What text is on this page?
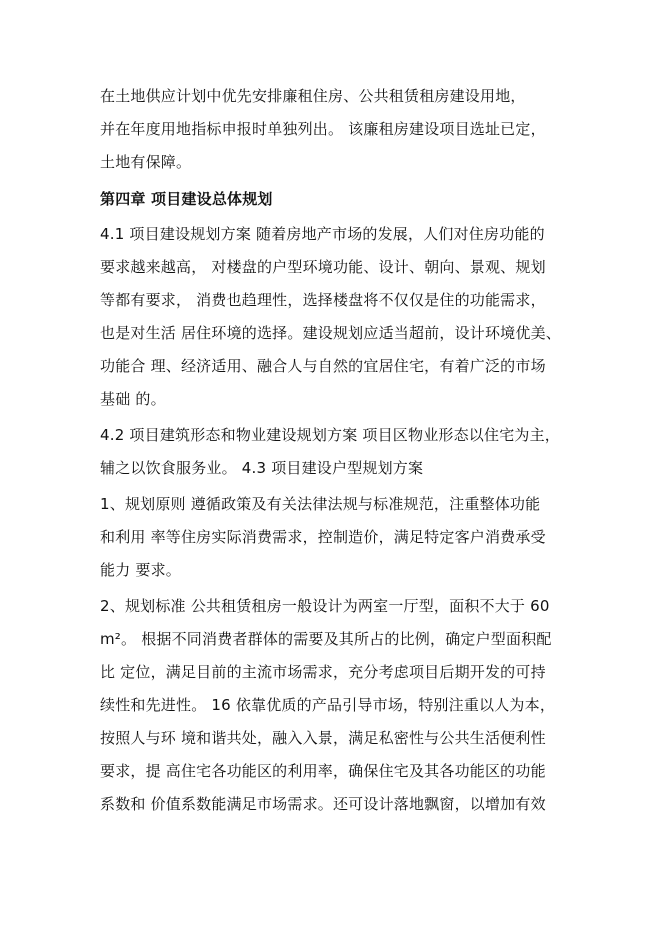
在土地供应计划中优先安排廉租住房、公共租赁租房建设用地，
并在年度用地指标申报时单独列出。 该廉租房建设项目选址已定，
土地有保障。
第四章 项目建设总体规划
4.1 项目建设规划方案 随着房地产市场的发展，人们对住房功能的
要求越来越高， 对楼盘的户型环境功能、设计、朝向、景观、规划
等都有要求， 消费也趋理性，选择楼盘将不仅仅是住的功能需求，
也是对生活 居住环境的选择。建设规划应适当超前，设计环境优美、
功能合 理、经济适用、融合人与自然的宜居住宅，有着广泛的市场
基础 的。
4.2 项目建筑形态和物业建设规划方案 项目区物业形态以住宅为主，
辅之以饮食服务业。 4.3 项目建设户型规划方案
1、规划原则 遵循政策及有关法律法规与标准规范，注重整体功能
和利用 率等住房实际消费需求，控制造价，满足特定客户消费承受
能力 要求。
2、规划标准 公共租赁租房一般设计为两室一厅型，面积不大于 60
m²。 根据不同消费者群体的需要及其所占的比例，确定户型面积配
比 定位，满足目前的主流市场需求，充分考虑项目后期开发的可持
续性和先进性。 16 依靠优质的产品引导市场，特别注重以人为本，
按照人与环 境和谐共处，融入入景，满足私密性与公共生活便利性
要求，提 高住宅各功能区的利用率，确保住宅及其各功能区的功能
系数和 价值系数能满足市场需求。还可设计落地飘窗，以增加有效
